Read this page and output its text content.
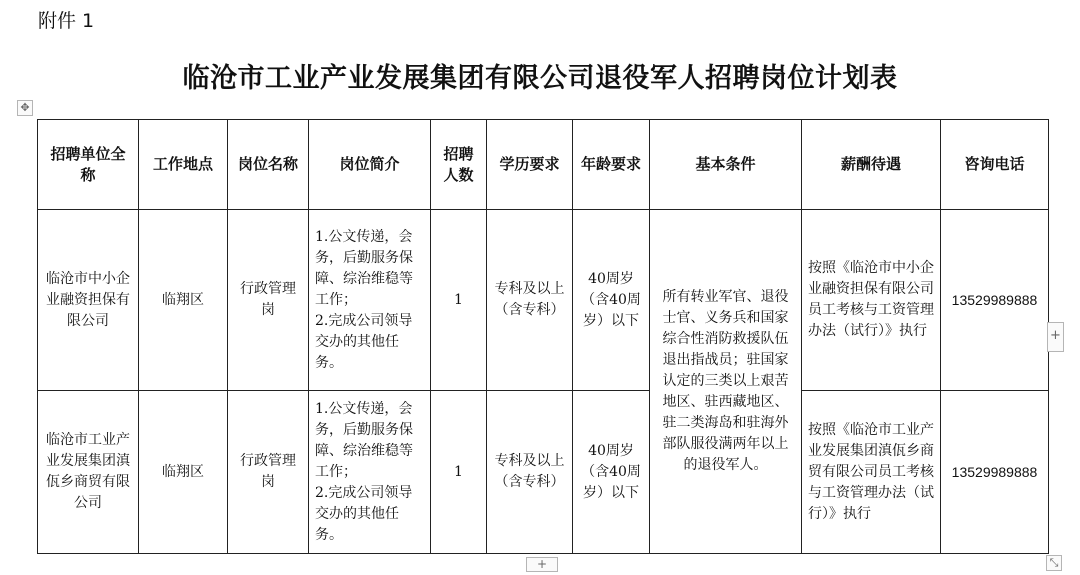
附件 1
临沧市工业产业发展集团有限公司退役军人招聘岗位计划表
✥
招聘单位全称	工作地点	岗位名称	岗位简介	招聘人数	学历要求	年龄要求	基本条件	薪酬待遇	咨询电话
临沧市中小企业融资担保有限公司	临翔区	行政管理岗	1.公文传递，会务，后勤服务保障、综治维稳等工作；
2.完成公司领导交办的其他任务。	1	专科及以上（含专科）	40周岁（含40周岁）以下	所有转业军官、退役士官、义务兵和国家综合性消防救援队伍退出指战员；驻国家认定的三类以上艰苦地区、驻西藏地区、驻二类海岛和驻海外部队服役满两年以上的退役军人。	按照《临沧市中小企业融资担保有限公司员工考核与工资管理办法（试行）》执行	13529989888
临沧市工业产业发展集团滇佤乡商贸有限公司	临翔区	行政管理岗	1.公文传递，会务，后勤服务保障、综治维稳等工作；
2.完成公司领导交办的其他任务。	1	专科及以上（含专科）	40周岁（含40周岁）以下		按照《临沧市工业产业发展集团滇佤乡商贸有限公司员工考核与工资管理办法（试行）》执行	13529989888
+
+	⤡
